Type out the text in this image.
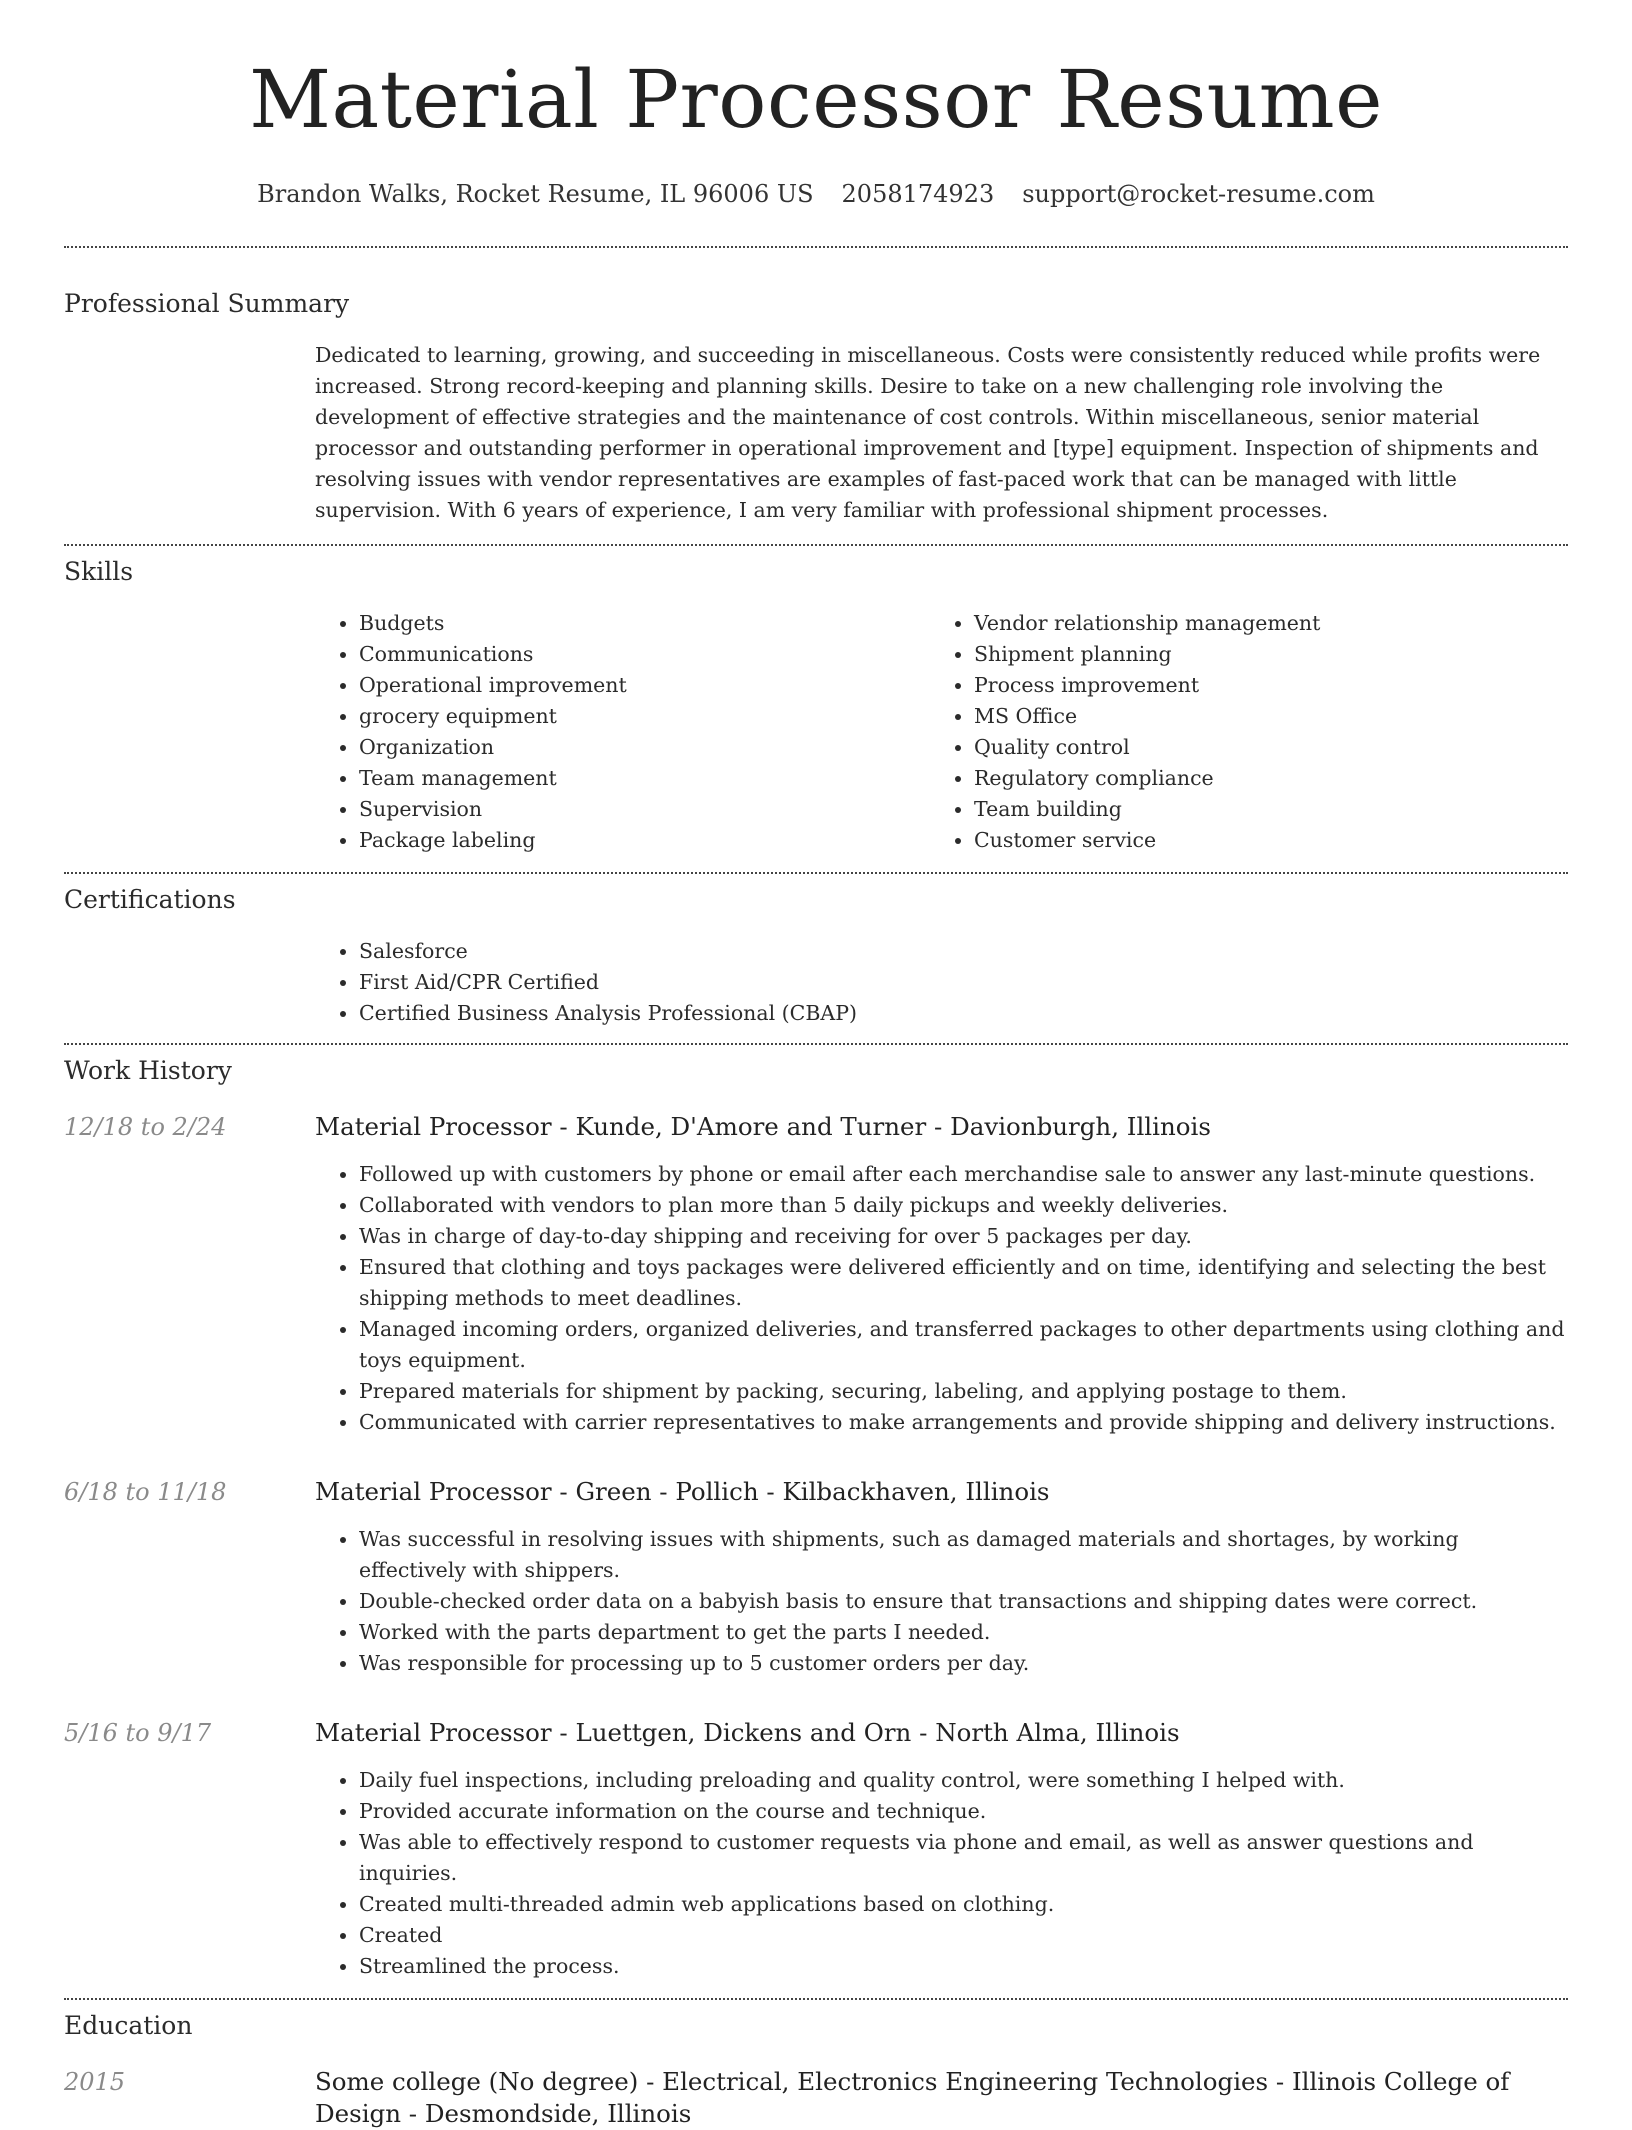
Material Processor Resume
Brandon Walks, Rocket Resume, IL 96006 US 2058174923 support@rocket-resume.com
Professional Summary

Dedicated to learning, growing, and succeeding in miscellaneous. Costs were consistently reduced while profits were increased. Strong record-keeping and planning skills. Desire to take on a new challenging role involving the development of effective strategies and the maintenance of cost controls. Within miscellaneous, senior material processor and outstanding performer in operational improvement and [type] equipment. Inspection of shipments and resolving issues with vendor representatives are examples of fast-paced work that can be managed with little supervision. With 6 years of experience, I am very familiar with professional shipment processes.

Skills
• Budgets
• Communications
• Operational improvement
• grocery equipment
• Organization
• Team management
• Supervision
• Package labeling
• Vendor relationship management
• Shipment planning
• Process improvement
• MS Office
• Quality control
• Regulatory compliance
• Team building
• Customer service
Certifications
• Salesforce
• First Aid/CPR Certified
• Certified Business Analysis Professional (CBAP)
Work History
12/18 to 2/24	Material Processor - Kunde, D'Amore and Turner - Davionburgh, Illinois
• Followed up with customers by phone or email after each merchandise sale to answer any last-minute questions.
• Collaborated with vendors to plan more than 5 daily pickups and weekly deliveries.
• Was in charge of day-to-day shipping and receiving for over 5 packages per day.
• Ensured that clothing and toys packages were delivered efficiently and on time, identifying and selecting the best shipping methods to meet deadlines.
• Managed incoming orders, organized deliveries, and transferred packages to other departments using clothing and toys equipment.
• Prepared materials for shipment by packing, securing, labeling, and applying postage to them.
• Communicated with carrier representatives to make arrangements and provide shipping and delivery instructions.
6/18 to 11/18	Material Processor - Green - Pollich - Kilbackhaven, Illinois
• Was successful in resolving issues with shipments, such as damaged materials and shortages, by working effectively with shippers.
• Double-checked order data on a babyish basis to ensure that transactions and shipping dates were correct.
• Worked with the parts department to get the parts I needed.
• Was responsible for processing up to 5 customer orders per day.
5/16 to 9/17	Material Processor - Luettgen, Dickens and Orn - North Alma, Illinois
• Daily fuel inspections, including preloading and quality control, were something I helped with.
• Provided accurate information on the course and technique.
• Was able to effectively respond to customer requests via phone and email, as well as answer questions and inquiries.
• Created multi-threaded admin web applications based on clothing.
• Created
• Streamlined the process.
Education
2015	Some college (No degree) - Electrical, Electronics Engineering Technologies - Illinois College of Design - Desmondside, Illinois
